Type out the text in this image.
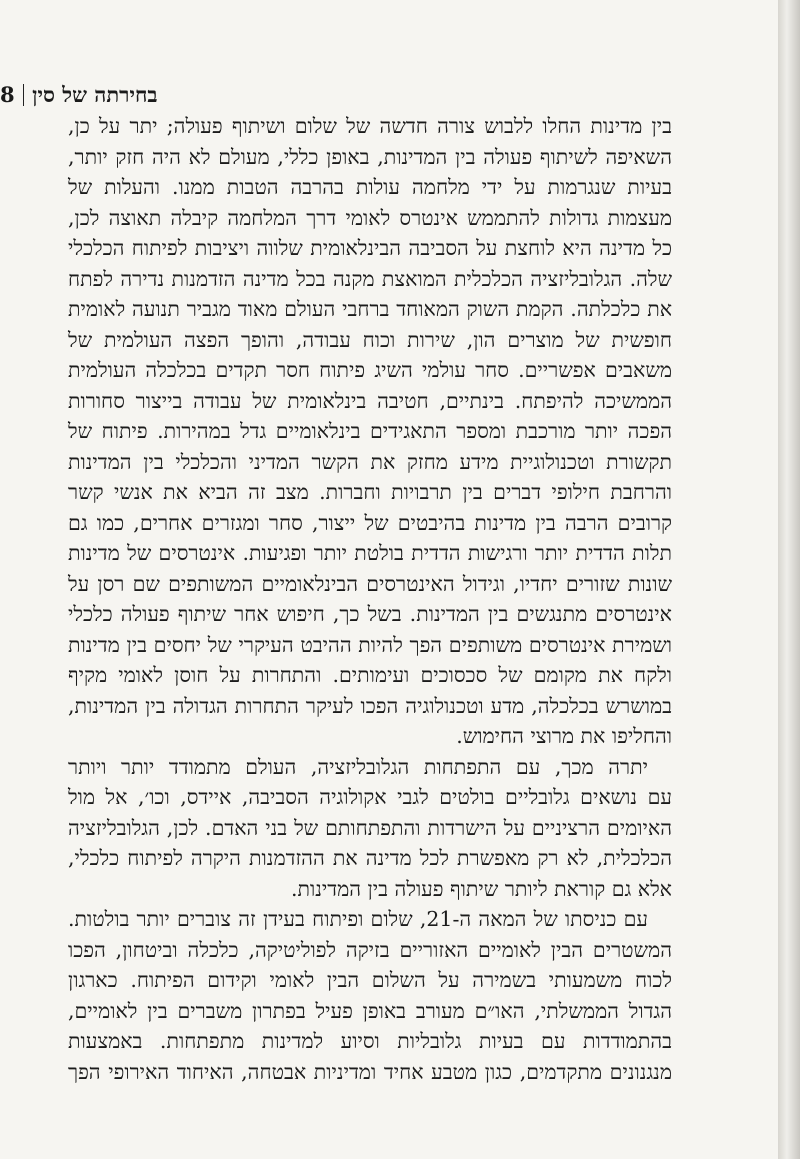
בחירתה של סין8
בין מדינות החלו ללבוש צורה חדשה של שלום ושיתוף פעולה; יתר על כן,
השאיפה לשיתוף פעולה בין המדינות, באופן כללי, מעולם לא היה חזק יותר,
בעיות שנגרמות על ידי מלחמה עולות בהרבה הטבות ממנו. והעלות של
מעצמות גדולות להתממש אינטרס לאומי דרך המלחמה קיבלה תאוצה לכן,
כל מדינה היא לוחצת על הסביבה הבינלאומית שלווה ויציבות לפיתוח הכלכלי
שלה. הגלובליזציה הכלכלית המואצת מקנה בכל מדינה הזדמנות נדירה לפתח
את כלכלתה. הקמת השוק המאוחד ברחבי העולם מאוד מגביר תנועה לאומית
חופשית של מוצרים הון, שירות וכוח עבודה, והופך הפצה העולמית של
משאבים אפשריים. סחר עולמי השיג פיתוח חסר תקדים בכלכלה העולמית
הממשיכה להיפתח. בינתיים, חטיבה בינלאומית של עבודה בייצור סחורות
הפכה יותר מורכבת ומספר התאגידים בינלאומיים גדל במהירות. פיתוח של
תקשורת וטכנולוגיית מידע מחזק את הקשר המדיני והכלכלי בין המדינות
והרחבת חילופי דברים בין תרבויות וחברות. מצב זה הביא את אנשי קשר
קרובים הרבה בין מדינות בהיבטים של ייצור, סחר ומגזרים אחרים, כמו גם
תלות הדדית יותר ורגישות הדדית בולטת יותר ופגיעות. אינטרסים של מדינות
שונות שזורים יחדיו, וגידול האינטרסים הבינלאומיים המשותפים שם רסן על
אינטרסים מתנגשים בין המדינות. בשל כך, חיפוש אחר שיתוף פעולה כלכלי
ושמירת אינטרסים משותפים הפך להיות ההיבט העיקרי של יחסים בין מדינות
ולקח את מקומם של סכסוכים ועימותים. והתחרות על חוסן לאומי מקיף
במושרש בכלכלה, מדע וטכנולוגיה הפכו לעיקר התחרות הגדולה בין המדינות,
והחליפו את מרוצי החימוש.
יתרה מכך, עם התפתחות הגלובליזציה, העולם מתמודד יותר ויותר
עם נושאים גלובליים בולטים לגבי אקולוגיה הסביבה, איידס, וכו׳, אל מול
האיומים הרציניים על הישרדות והתפתחותם של בני האדם. לכן, הגלובליזציה
הכלכלית, לא רק מאפשרת לכל מדינה את ההזדמנות היקרה לפיתוח כלכלי,
אלא גם קוראת ליותר שיתוף פעולה בין המדינות.
עם כניסתו של המאה ה-21, שלום ופיתוח בעידן זה צוברים יותר בולטות.
המשטרים הבין לאומיים האזוריים בזיקה לפוליטיקה, כלכלה וביטחון, הפכו
לכוח משמעותי בשמירה על השלום הבין לאומי וקידום הפיתוח. כארגון
הגדול הממשלתי, האו״ם מעורב באופן פעיל בפתרון משברים בין לאומיים,
בהתמודדות עם בעיות גלובליות וסיוע למדינות מתפתחות. באמצעות
מנגנונים מתקדמים, כגון מטבע אחיד ומדיניות אבטחה, האיחוד האירופי הפך
